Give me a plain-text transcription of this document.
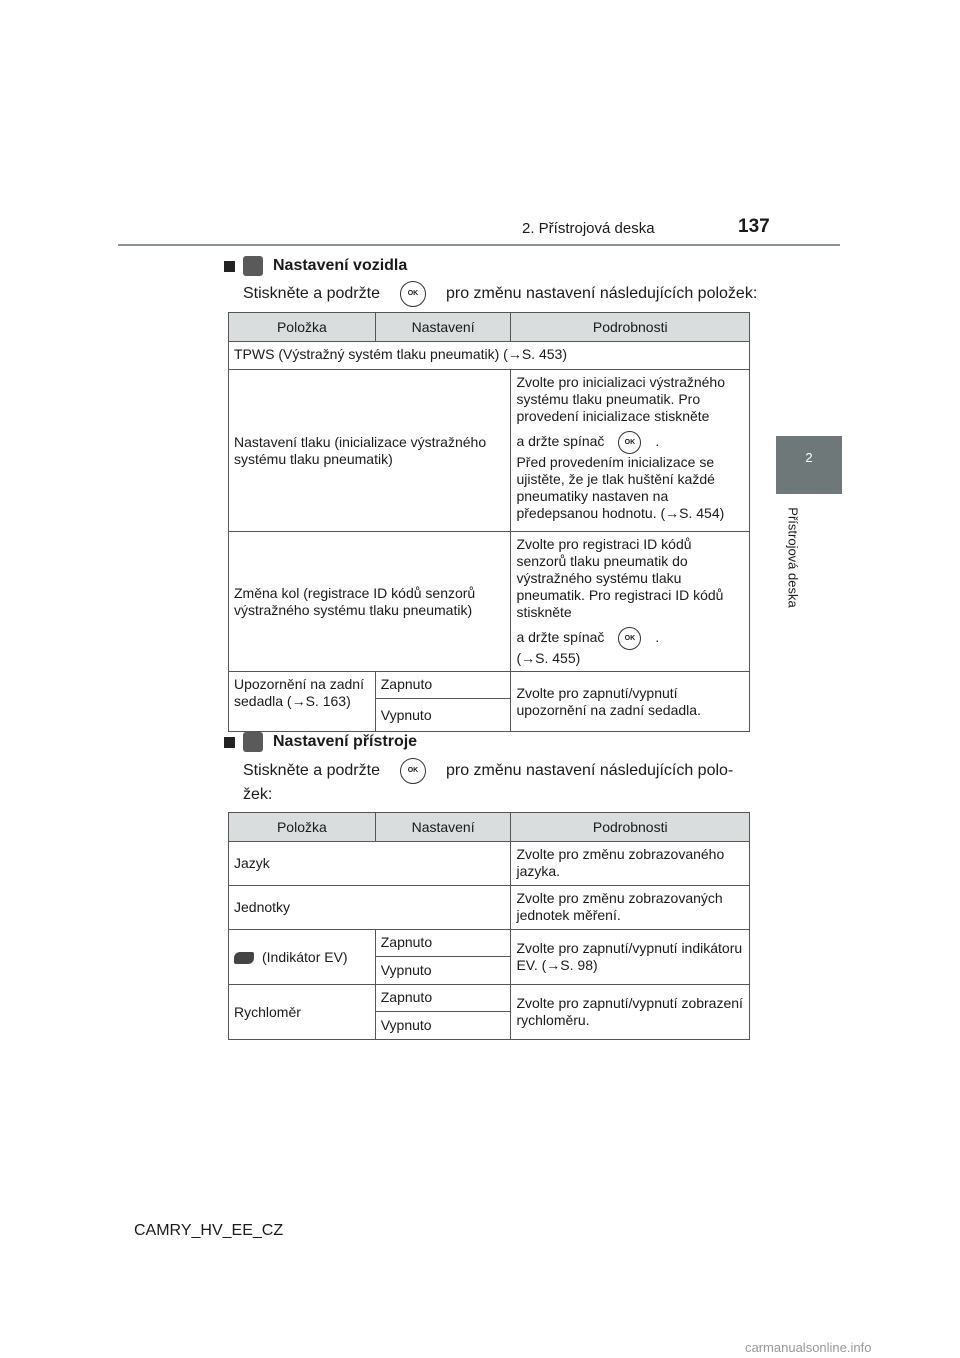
2. Přístrojová deska	137
2
Přístrojová deska
Nastavení vozidla
Stiskněte a podržte	OK pro změnu nastavení následujících položek:
Položka	Nastavení	Podrobnosti
TPWS (Výstražný systém tlaku pneumatik) (→S. 453)		
Nastavení tlaku (inicializace výstražného systému tlaku pneumatik)		Zvolte pro inicializaci výstražného systému tlaku pneumatik. Pro provedení inicializace stiskněte
a držte spínač OK .
Před provedením inicializace se ujistěte, že je tlak huštění každé pneumatiky nastaven na předepsanou hodnotu. (→S. 454)
Změna kol (registrace ID kódů senzorů výstražného systému tlaku pneumatik)		Zvolte pro registraci ID kódů senzorů tlaku pneumatik do výstražného systému tlaku pneumatik. Pro registraci ID kódů stiskněte
a držte spínač OK .
(→S. 455)
Upozornění na zadní sedadla (→S. 163)	Zapnuto	Zvolte pro zapnutí/vypnutí upozornění na zadní sedadla.
	Vypnuto	
Nastavení přístroje
Stiskněte a podržte	OK pro změnu nastavení následujících polo-
žek:
Položka	Nastavení	Podrobnosti
Jazyk		Zvolte pro změnu zobrazovaného jazyka.
Jednotky		Zvolte pro změnu zobrazovaných jednotek měření.
(Indikátor EV)	Zapnuto	Zvolte pro zapnutí/vypnutí indikátoru EV. (→S. 98)
	Vypnuto	
Rychloměr	Zapnuto	Zvolte pro zapnutí/vypnutí zobrazení rychloměru.
	Vypnuto	
CAMRY_HV_EE_CZ
carmanualsonline.info
